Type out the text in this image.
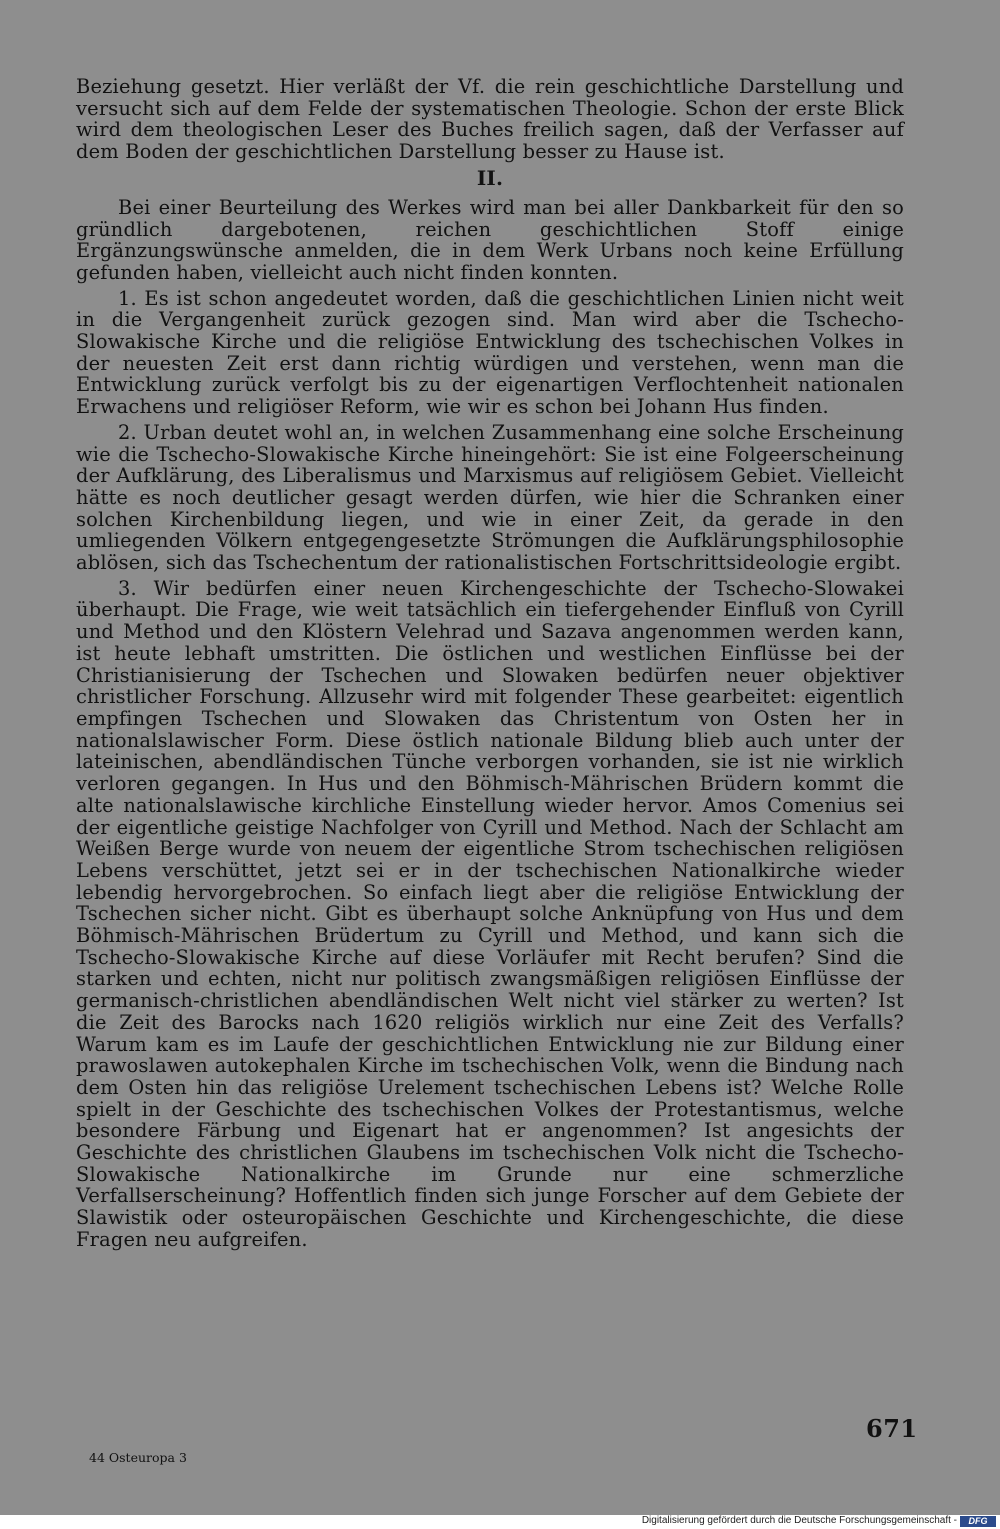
Beziehung gesetzt. Hier verläßt der Vf. die rein geschichtliche Darstellung und versucht sich auf dem Felde der systematischen Theologie. Schon der erste Blick wird dem theologischen Leser des Buches freilich sagen, daß der Verfasser auf dem Boden der geschichtlichen Darstellung besser zu Hause ist.

II.

Bei einer Beurteilung des Werkes wird man bei aller Dankbarkeit für den so gründlich dargebotenen, reichen geschichtlichen Stoff einige Ergänzungswünsche anmelden, die in dem Werk Urbans noch keine Erfüllung gefunden haben, vielleicht auch nicht finden konnten.

1. Es ist schon angedeutet worden, daß die geschichtlichen Linien nicht weit in die Vergangenheit zurück gezogen sind. Man wird aber die Tschecho-Slowakische Kirche und die religiöse Entwicklung des tschechischen Volkes in der neuesten Zeit erst dann richtig würdigen und verstehen, wenn man die Entwicklung zurück verfolgt bis zu der eigenartigen Verflochtenheit nationalen Erwachens und religiöser Reform, wie wir es schon bei Johann Hus finden.

2. Urban deutet wohl an, in welchen Zusammenhang eine solche Erscheinung wie die Tschecho-Slowakische Kirche hineingehört: Sie ist eine Folgeerscheinung der Aufklärung, des Liberalismus und Marxismus auf religiösem Gebiet. Vielleicht hätte es noch deutlicher gesagt werden dürfen, wie hier die Schranken einer solchen Kirchenbildung liegen, und wie in einer Zeit, da gerade in den umliegenden Völkern entgegengesetzte Strömungen die Aufklärungsphilosophie ablösen, sich das Tschechentum der rationalistischen Fortschrittsideologie ergibt.

3. Wir bedürfen einer neuen Kirchengeschichte der Tschecho-Slowakei überhaupt. Die Frage, wie weit tatsächlich ein tiefergehender Einfluß von Cyrill und Method und den Klöstern Velehrad und Sazava angenommen werden kann, ist heute lebhaft umstritten. Die östlichen und westlichen Einflüsse bei der Christianisierung der Tschechen und Slowaken bedürfen neuer objektiver christlicher Forschung. Allzusehr wird mit folgender These gearbeitet: eigentlich empfingen Tschechen und Slowaken das Christentum von Osten her in nationalslawischer Form. Diese östlich nationale Bildung blieb auch unter der lateinischen, abendländischen Tünche verborgen vorhanden, sie ist nie wirklich verloren gegangen. In Hus und den Böhmisch-Mährischen Brüdern kommt die alte nationalslawische kirchliche Einstellung wieder hervor. Amos Comenius sei der eigentliche geistige Nachfolger von Cyrill und Method. Nach der Schlacht am Weißen Berge wurde von neuem der eigentliche Strom tschechischen religiösen Lebens verschüttet, jetzt sei er in der tschechischen Nationalkirche wieder lebendig hervorgebrochen. So einfach liegt aber die religiöse Entwicklung der Tschechen sicher nicht. Gibt es überhaupt solche Anknüpfung von Hus und dem Böhmisch-Mährischen Brüdertum zu Cyrill und Method, und kann sich die Tschecho-Slowakische Kirche auf diese Vorläufer mit Recht berufen? Sind die starken und echten, nicht nur politisch zwangsmäßigen religiösen Einflüsse der germanisch-christlichen abendländischen Welt nicht viel stärker zu werten? Ist die Zeit des Barocks nach 1620 religiös wirklich nur eine Zeit des Verfalls? Warum kam es im Laufe der geschichtlichen Entwicklung nie zur Bildung einer prawoslawen autokephalen Kirche im tschechischen Volk, wenn die Bindung nach dem Osten hin das religiöse Urelement tschechischen Lebens ist? Welche Rolle spielt in der Geschichte des tschechischen Volkes der Protestantismus, welche besondere Färbung und Eigenart hat er angenommen? Ist angesichts der Geschichte des christlichen Glaubens im tschechischen Volk nicht die Tschecho-Slowakische Nationalkirche im Grunde nur eine schmerzliche Verfallserscheinung? Hoffentlich finden sich junge Forscher auf dem Gebiete der Slawistik oder osteuropäischen Geschichte und Kirchengeschichte, die diese Fragen neu aufgreifen.

671
44 Osteuropa 3
Digitalisierung gefördert durch die Deutsche Forschungsgemeinschaft -	DFG
